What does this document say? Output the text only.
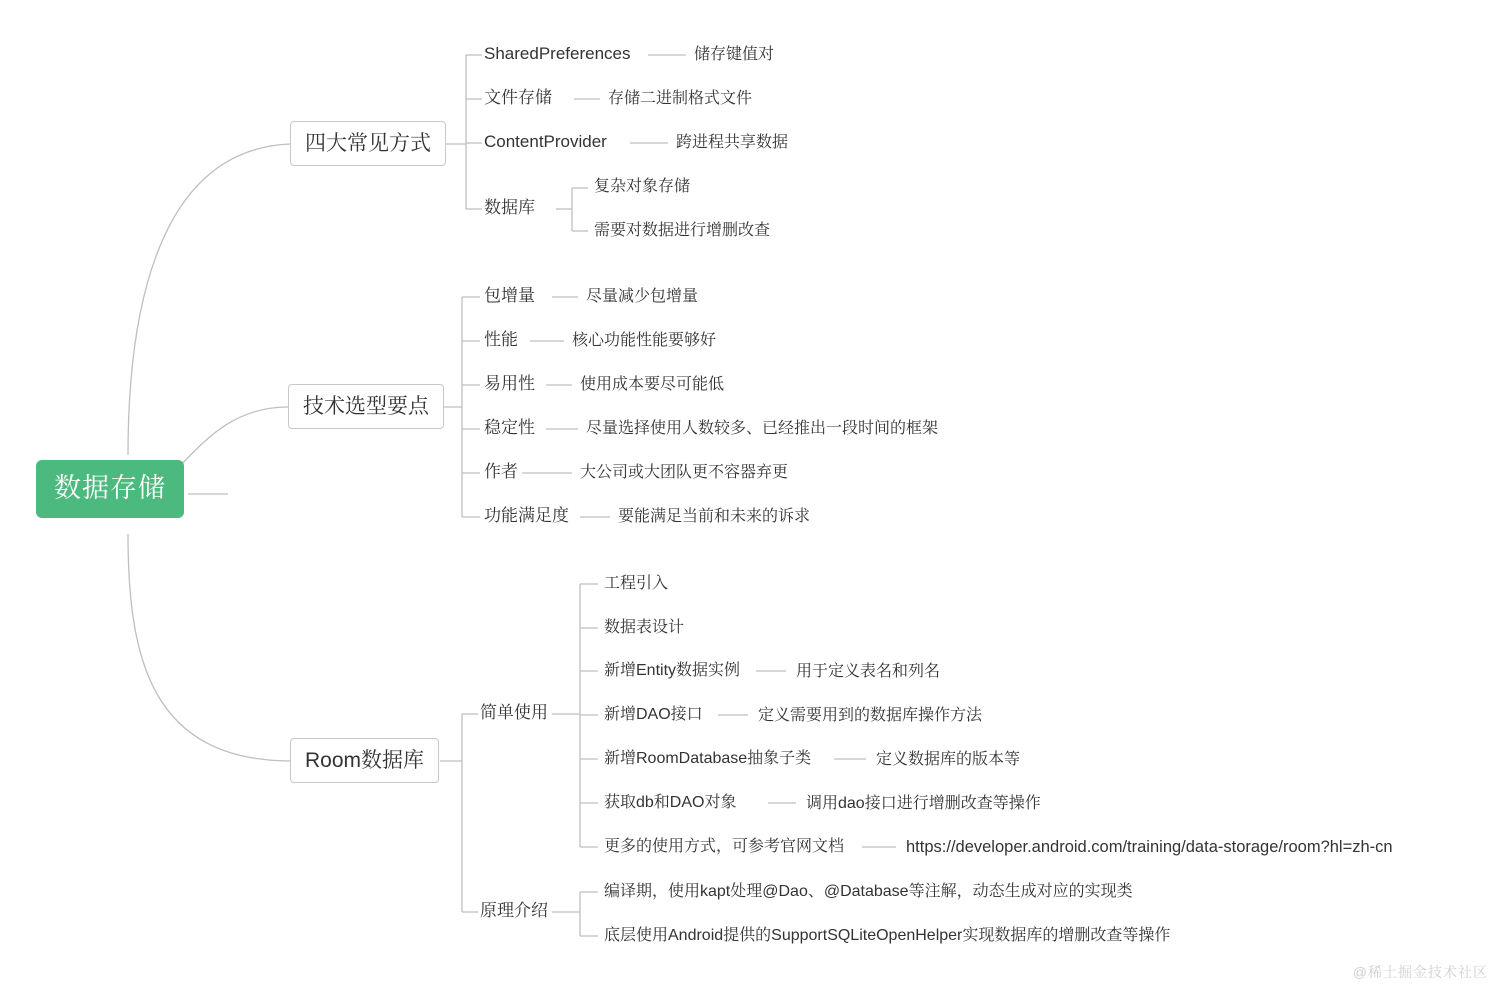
数据存储
四大常见方式
SharedPreferences	储存键值对
文件存储	存储二进制格式文件
ContentProvider	跨进程共享数据
数据库
复杂对象存储
需要对数据进行增删改查
技术选型要点
包增量	尽量减少包增量
性能	核心功能性能要够好
易用性	使用成本要尽可能低
稳定性	尽量选择使用人数较多、已经推出一段时间的框架
作者	大公司或大团队更不容器弃更
功能满足度	要能满足当前和未来的诉求
Room数据库
简单使用
工程引入
数据表设计
新增Entity数据实例	用于定义表名和列名
新增DAO接口	定义需要用到的数据库操作方法
新增RoomDatabase抽象子类	定义数据库的版本等
获取db和DAO对象	调用dao接口进行增删改查等操作
更多的使用方式，可参考官网文档	https://developer.android.com/training/data-storage/room?hl=zh-cn
原理介绍
编译期，使用kapt处理@Dao、@Database等注解，动态生成对应的实现类
底层使用Android提供的SupportSQLiteOpenHelper实现数据库的增删改查等操作
@稀土掘金技术社区
